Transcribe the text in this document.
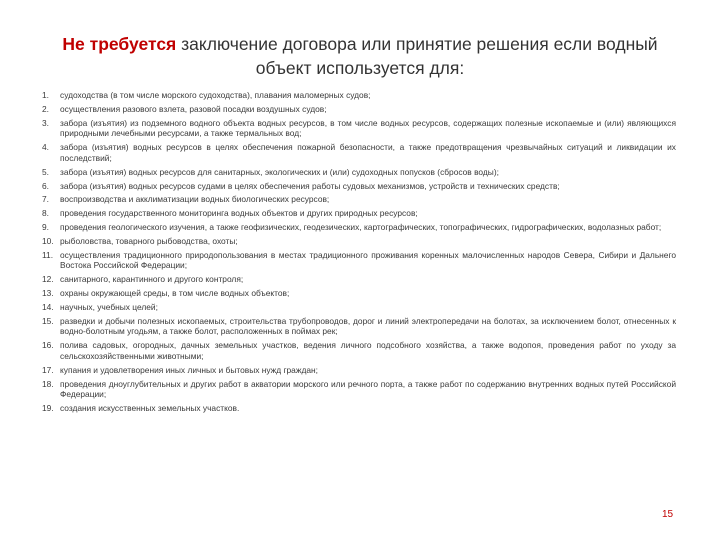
Не требуется заключение договора или принятие решения если водный объект используется для:
1.	судоходства (в том числе морского судоходства), плавания маломерных судов;
2.	осуществления разового взлета, разовой посадки воздушных судов;
3.	забора (изъятия) из подземного водного объекта водных ресурсов, в том числе водных ресурсов, содержащих полезные ископаемые и (или) являющихся природными лечебными ресурсами, а также термальных вод;
4.	забора (изъятия) водных ресурсов в целях обеспечения пожарной безопасности, а также предотвращения чрезвычайных ситуаций и ликвидации их последствий;
5.	забора (изъятия) водных ресурсов для санитарных, экологических и (или) судоходных попусков (сбросов воды);
6.	забора (изъятия) водных ресурсов судами в целях обеспечения работы судовых механизмов, устройств и технических средств;
7.	воспроизводства и акклиматизации водных биологических ресурсов;
8.	проведения государственного мониторинга водных объектов и других природных ресурсов;
9.	проведения геологического изучения, а также геофизических, геодезических, картографических, топографических, гидрографических, водолазных работ;
10. рыболовства, товарного рыбоводства, охоты;
11. осуществления традиционного природопользования в местах традиционного проживания коренных малочисленных народов Севера, Сибири и Дальнего Востока Российской Федерации;
12. санитарного, карантинного и другого контроля;
13. охраны окружающей среды, в том числе водных объектов;
14. научных, учебных целей;
15. разведки и добычи полезных ископаемых, строительства трубопроводов, дорог и линий электропередачи на болотах, за исключением болот, отнесенных к водно-болотным угодьям, а также болот, расположенных в поймах рек;
16. полива садовых, огородных, дачных земельных участков, ведения личного подсобного хозяйства, а также водопоя, проведения работ по уходу за сельскохозяйственными животными;
17. купания и удовлетворения иных личных и бытовых нужд граждан;
18. проведения дноуглубительных и других работ в акватории морского или речного порта, а также работ по содержанию внутренних водных путей Российской Федерации;
19. создания искусственных земельных участков.
15
